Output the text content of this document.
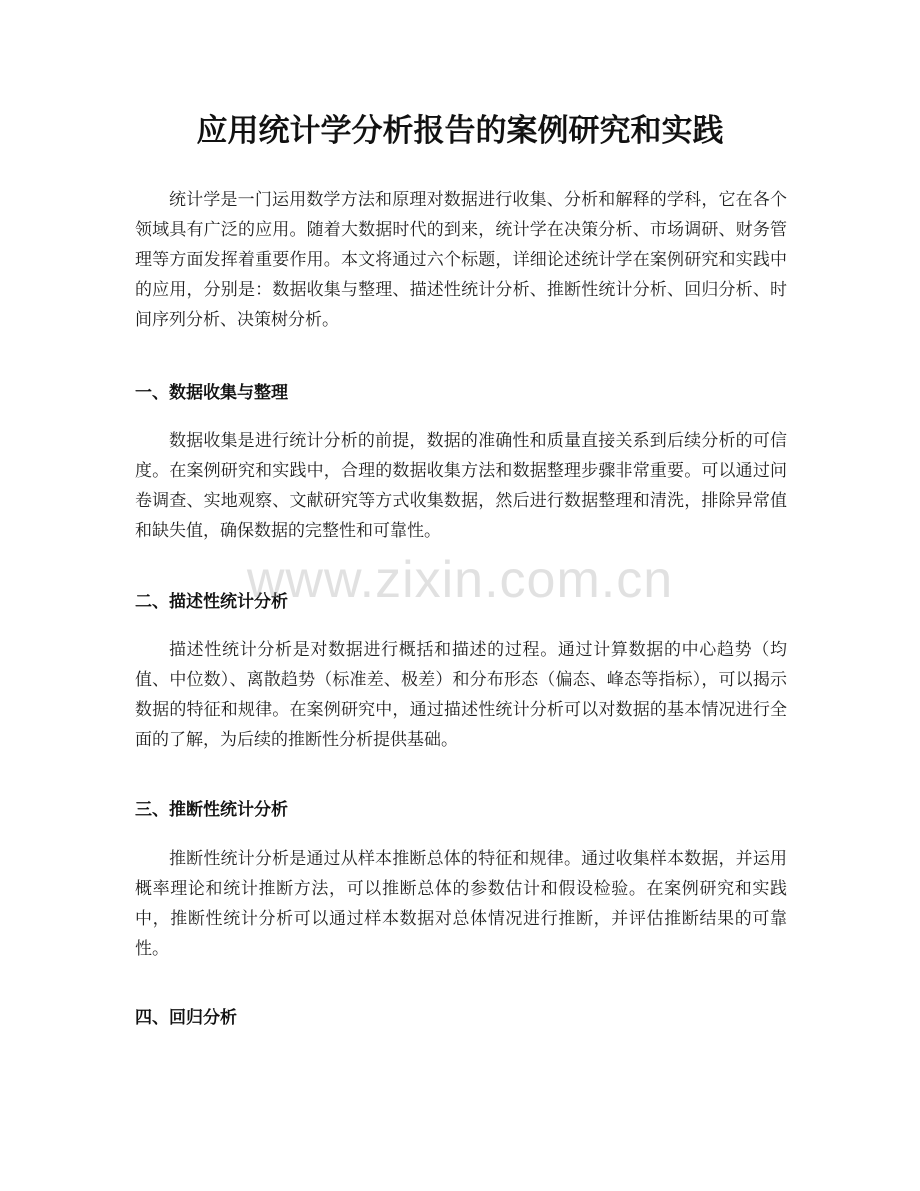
应用统计学分析报告的案例研究和实践

统计学是一门运用数学方法和原理对数据进行收集、分析和解释的学科，它在各个领域具有广泛的应用。随着大数据时代的到来，统计学在决策分析、市场调研、财务管理等方面发挥着重要作用。本文将通过六个标题，详细论述统计学在案例研究和实践中的应用，分别是：数据收集与整理、描述性统计分析、推断性统计分析、回归分析、时间序列分析、决策树分析。

一、数据收集与整理

数据收集是进行统计分析的前提，数据的准确性和质量直接关系到后续分析的可信度。在案例研究和实践中，合理的数据收集方法和数据整理步骤非常重要。可以通过问卷调查、实地观察、文献研究等方式收集数据，然后进行数据整理和清洗，排除异常值和缺失值，确保数据的完整性和可靠性。

二、描述性统计分析

描述性统计分析是对数据进行概括和描述的过程。通过计算数据的中心趋势（均值、中位数）、离散趋势（标准差、极差）和分布形态（偏态、峰态等指标），可以揭示数据的特征和规律。在案例研究中，通过描述性统计分析可以对数据的基本情况进行全面的了解，为后续的推断性分析提供基础。

三、推断性统计分析

推断性统计分析是通过从样本推断总体的特征和规律。通过收集样本数据，并运用概率理论和统计推断方法，可以推断总体的参数估计和假设检验。在案例研究和实践中，推断性统计分析可以通过样本数据对总体情况进行推断，并评估推断结果的可靠性。

四、回归分析
www.zixin.com.cn
